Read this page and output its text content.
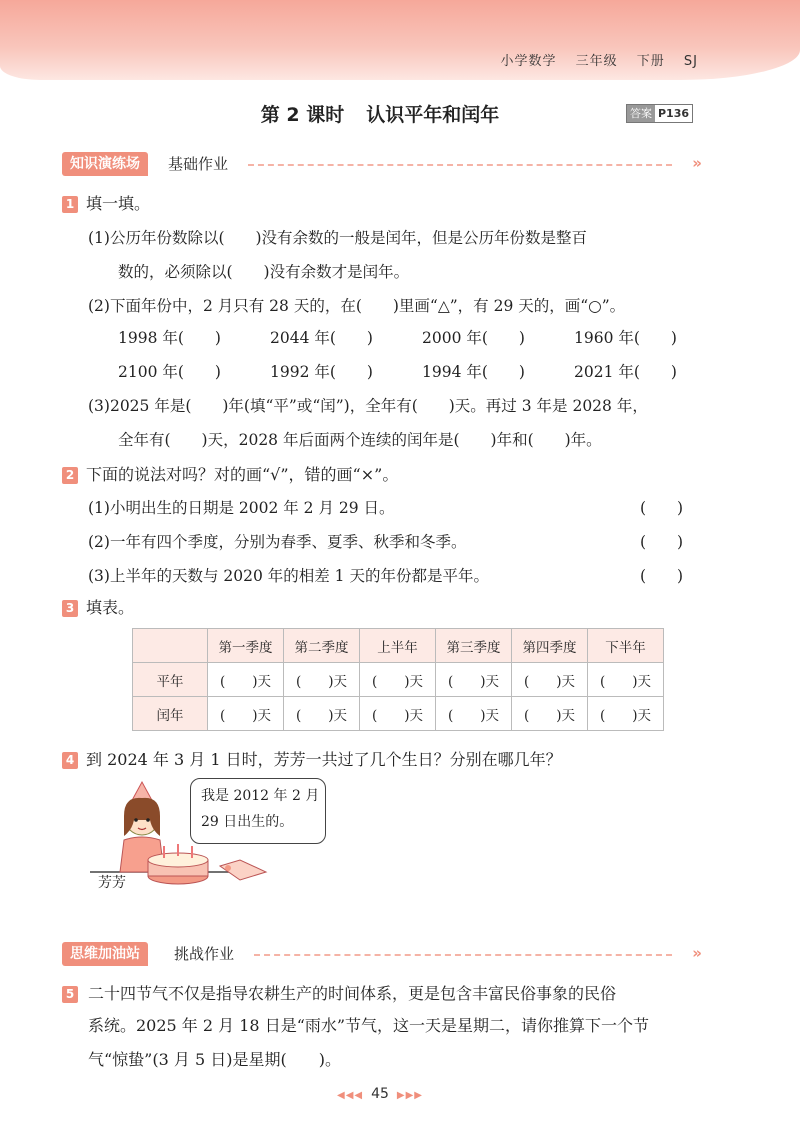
小学数学 三年级 下册 SJ
第 2 课时 认识平年和闰年	答案 P136
知识演练场	基础作业	»
1 填一填。
(1)公历年份数除以(　　)没有余数的一般是闰年，但是公历年份数是整百
数的，必须除以(　　)没有余数才是闰年。
(2)下面年份中，2 月只有 28 天的，在(　　)里画“△”，有 29 天的，画“○”。
1998 年(　　)	2044 年(　　)	2000 年(　　)	1960 年(　　)
2100 年(　　)	1992 年(　　)	1994 年(　　)	2021 年(　　)
(3)2025 年是(　　)年(填“平”或“闰”)，全年有(　　)天。再过 3 年是 2028 年，
全年有(　　)天，2028 年后面两个连续的闰年是(　　)年和(　　)年。
2 下面的说法对吗？对的画“√”，错的画“×”。
(1)小明出生的日期是 2002 年 2 月 29 日。	(　　)
(2)一年有四个季度，分别为春季、夏季、秋季和冬季。	(　　)
(3)上半年的天数与 2020 年的相差 1 天的年份都是平年。	(　　)
3 填表。
	第一季度	第二季度	上半年	第三季度	第四季度	下半年
平年	(　　)天	(　　)天	(　　)天	(　　)天	(　　)天	(　　)天
闰年	(　　)天	(　　)天	(　　)天	(　　)天	(　　)天	(　　)天
4 到 2024 年 3 月 1 日时，芳芳一共过了几个生日？分别在哪几年？
我是 2012 年 2 月
29 日出生的。
芳芳
思维加油站	挑战作业	»
5 二十四节气不仅是指导农耕生产的时间体系，更是包含丰富民俗事象的民俗
系统。2025 年 2 月 18 日是“雨水”节气，这一天是星期二，请你推算下一个节
气“惊蛰”(3 月 5 日)是星期(　　)。
◀◀◀ 45 ▶▶▶
